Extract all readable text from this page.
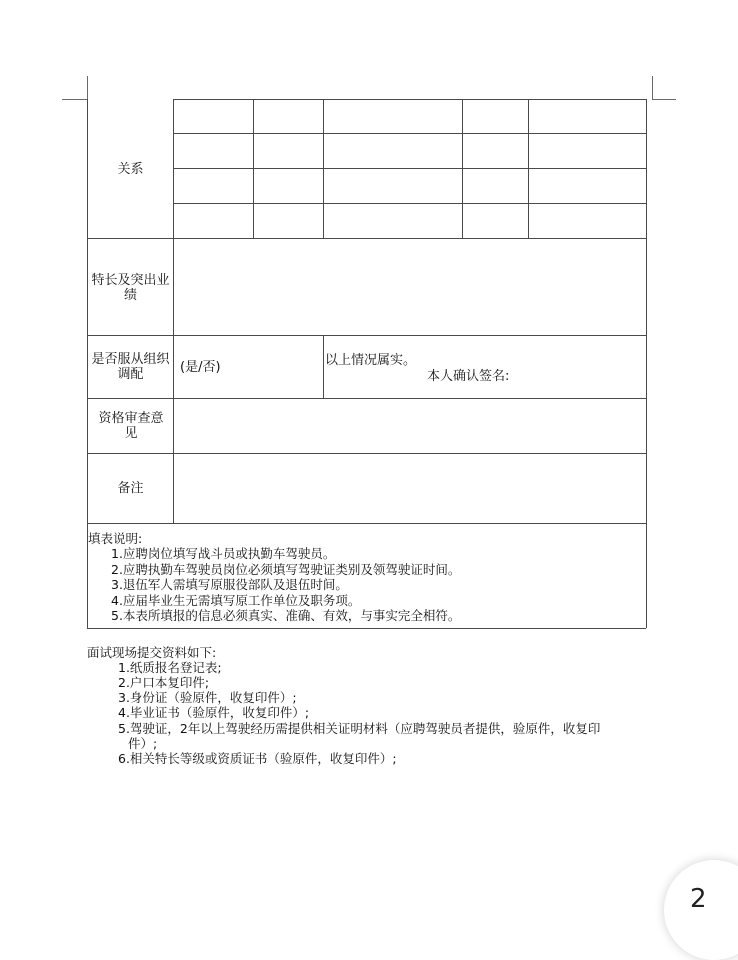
关系
特长及突出业绩
是否服从组织调配	(是/否)	以上情况属实。
本人确认签名:
资格审查意见
备注
填表说明:
1.应聘岗位填写战斗员或执勤车驾驶员。
2.应聘执勤车驾驶员岗位必须填写驾驶证类别及领驾驶证时间。
3.退伍军人需填写原服役部队及退伍时间。
4.应届毕业生无需填写原工作单位及职务项。
5.本表所填报的信息必须真实、准确、有效，与事实完全相符。
面试现场提交资料如下:
1.纸质报名登记表;
2.户口本复印件;
3.身份证（验原件，收复印件）;
4.毕业证书（验原件，收复印件）;
5.驾驶证，2年以上驾驶经历需提供相关证明材料（应聘驾驶员者提供，验原件，收复印
件）;
6.相关特长等级或资质证书（验原件，收复印件）;
2
